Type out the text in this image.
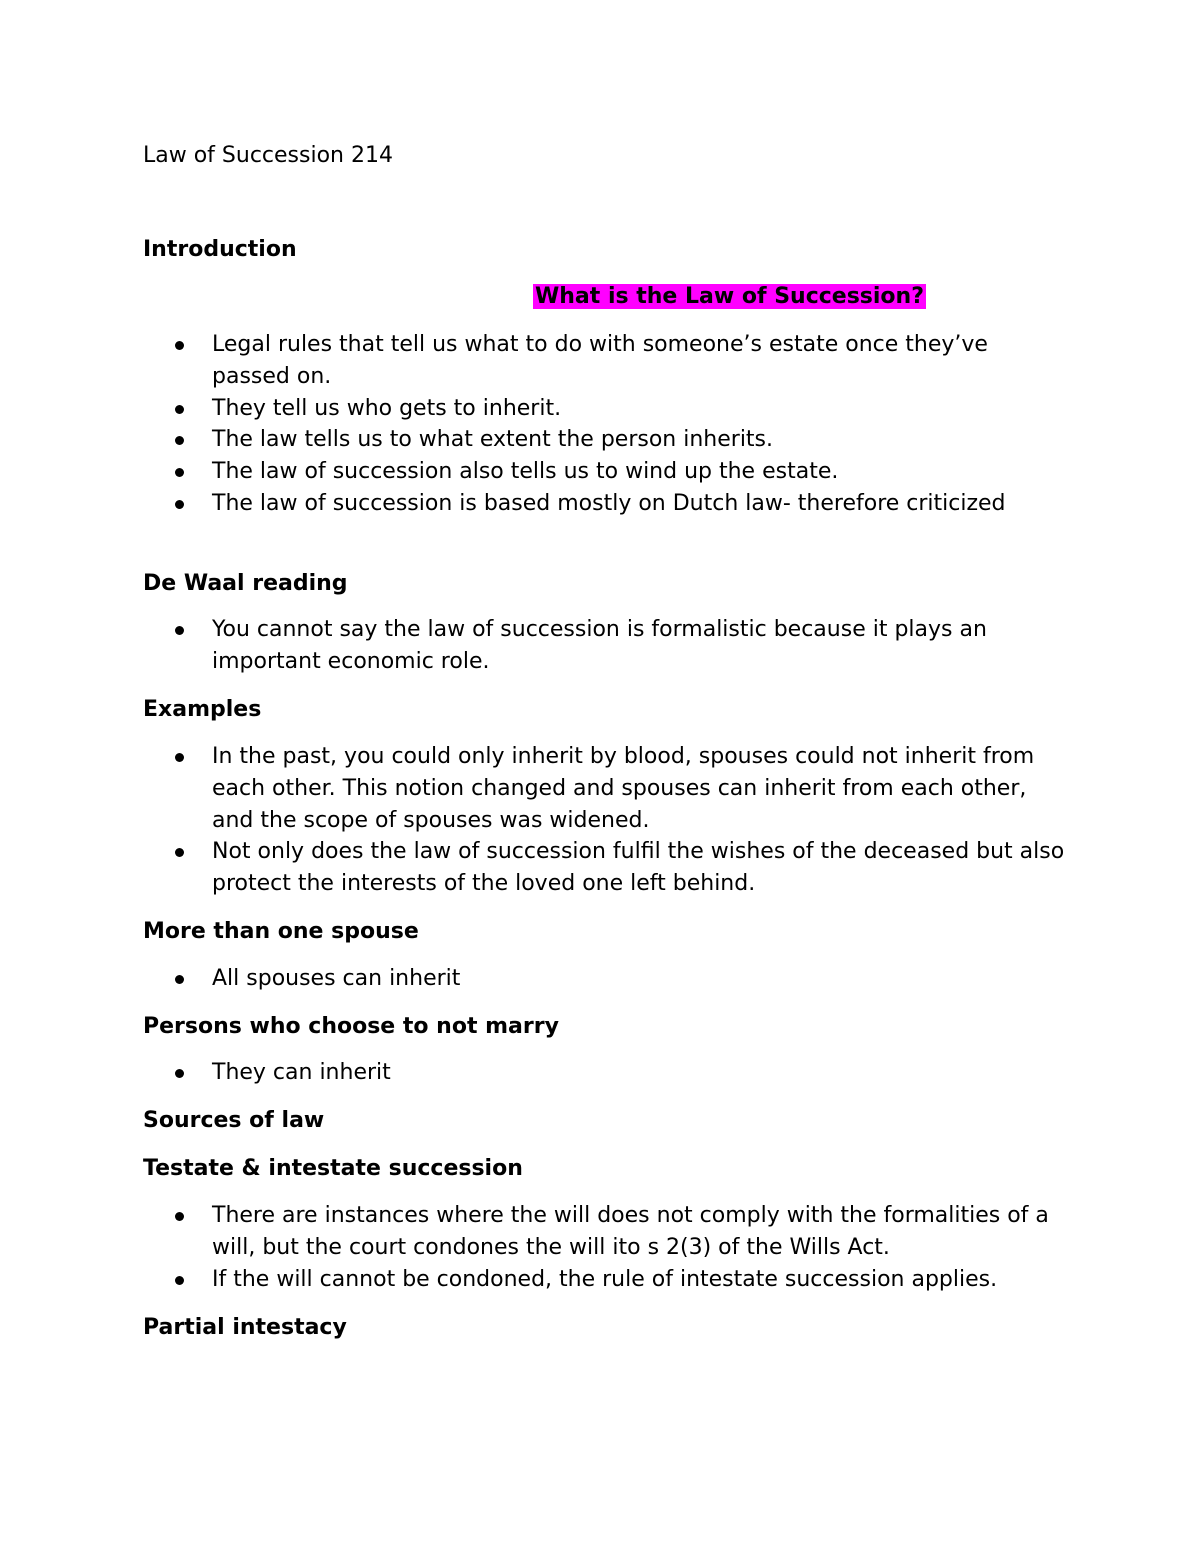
Law of Succession 214
Introduction
What is the Law of Succession?
Legal rules that tell us what to do with someone’s estate once they’ve passed on.
They tell us who gets to inherit.
The law tells us to what extent the person inherits.
The law of succession also tells us to wind up the estate.
The law of succession is based mostly on Dutch law- therefore criticized
De Waal reading
You cannot say the law of succession is formalistic because it plays an important economic role.
Examples
In the past, you could only inherit by blood, spouses could not inherit from each other. This notion changed and spouses can inherit from each other, and the scope of spouses was widened.
Not only does the law of succession fulfil the wishes of the deceased but also protect the interests of the loved one left behind.
More than one spouse
All spouses can inherit
Persons who choose to not marry
They can inherit
Sources of law
Testate & intestate succession
There are instances where the will does not comply with the formalities of a will, but the court condones the will ito s 2(3) of the Wills Act.
If the will cannot be condoned, the rule of intestate succession applies.
Partial intestacy
